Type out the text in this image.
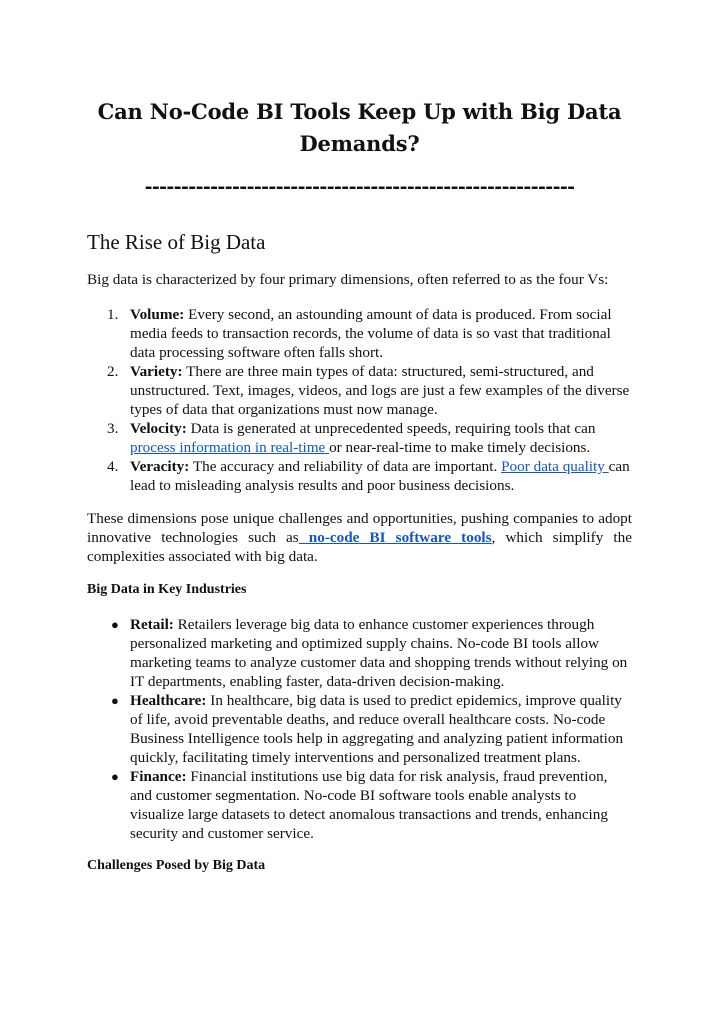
Can No-Code BI Tools Keep Up with Big Data Demands?
-----------------------------------------------------------
The Rise of Big Data

Big data is characterized by four primary dimensions, often referred to as the four Vs:

1. Volume: Every second, an astounding amount of data is produced. From social media feeds to transaction records, the volume of data is so vast that traditional data processing software often falls short.
2. Variety: There are three main types of data: structured, semi-structured, and unstructured. Text, images, videos, and logs are just a few examples of the diverse types of data that organizations must now manage.
3. Velocity: Data is generated at unprecedented speeds, requiring tools that can process information in real-time or near-real-time to make timely decisions.
4. Veracity: The accuracy and reliability of data are important. Poor data quality can lead to misleading analysis results and poor business decisions.

These dimensions pose unique challenges and opportunities, pushing companies to adopt innovative technologies such as no-code BI software tools, which simplify the complexities associated with big data.

Big Data in Key Industries
● Retail: Retailers leverage big data to enhance customer experiences through personalized marketing and optimized supply chains. No-code BI tools allow marketing teams to analyze customer data and shopping trends without relying on IT departments, enabling faster, data-driven decision-making.
● Healthcare: In healthcare, big data is used to predict epidemics, improve quality of life, avoid preventable deaths, and reduce overall healthcare costs. No-code Business Intelligence tools help in aggregating and analyzing patient information quickly, facilitating timely interventions and personalized treatment plans.
● Finance: Financial institutions use big data for risk analysis, fraud prevention, and customer segmentation. No-code BI software tools enable analysts to visualize large datasets to detect anomalous transactions and trends, enhancing security and customer service.
Challenges Posed by Big Data
